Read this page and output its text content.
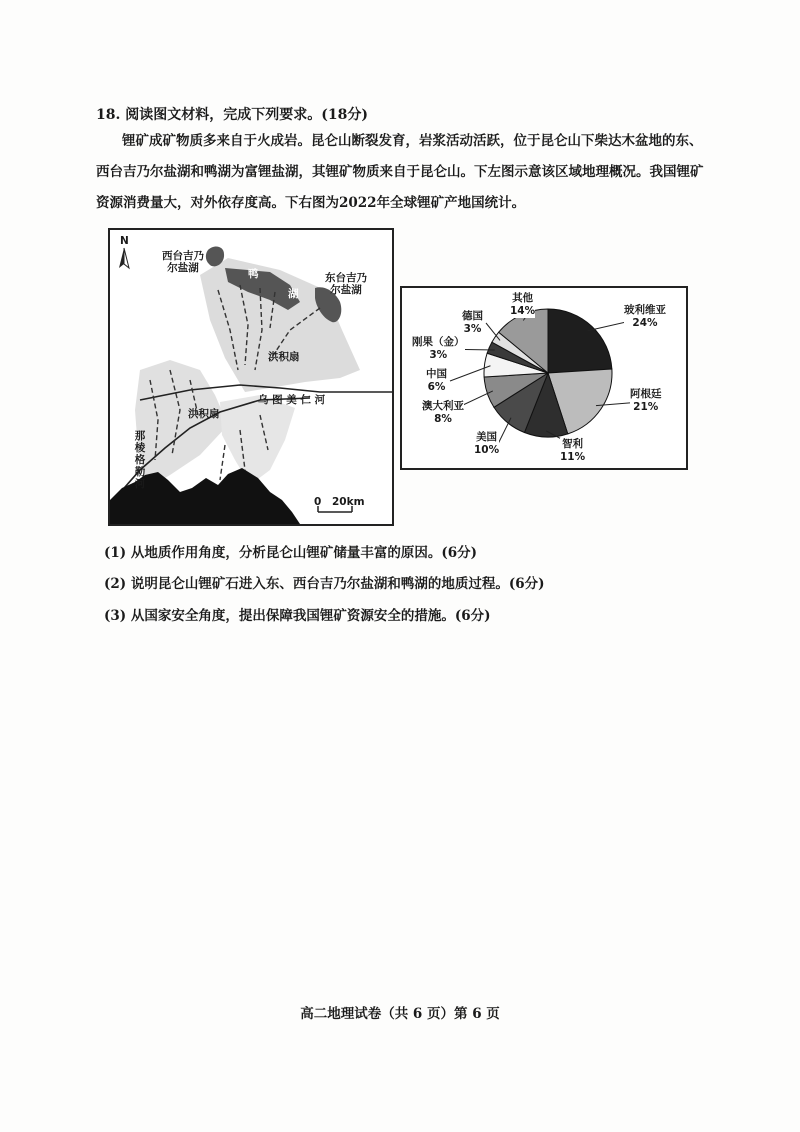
18. 阅读图文材料，完成下列要求。(18分)
锂矿成矿物质多来自于火成岩。昆仑山断裂发育，岩浆活动活跃，位于昆仑山下柴达木盆地的东、西台吉乃尔盐湖和鸭湖为富锂盐湖，其锂矿物质来自于昆仑山。下左图示意该区域地理概况。我国锂矿资源消费量大，对外依存度高。下右图为2022年全球锂矿产地国统计。
N
西台吉乃
尔盐湖	鸭
湖
东台吉乃
尔盐湖
洪积扇
洪积扇
乌 图 美 仁 河
那棱格勒河
0 20km
玻利维亚
24%
阿根廷
21%
智利
11%
美国
10%
澳大利亚
8%
中国
6%
刚果（金）
3%
德国
3%
其他
14%
(1) 从地质作用角度，分析昆仑山锂矿储量丰富的原因。(6分)
(2) 说明昆仑山锂矿石进入东、西台吉乃尔盐湖和鸭湖的地质过程。(6分)
(3) 从国家安全角度，提出保障我国锂矿资源安全的措施。(6分)
高二地理试卷（共 6 页）第 6 页
